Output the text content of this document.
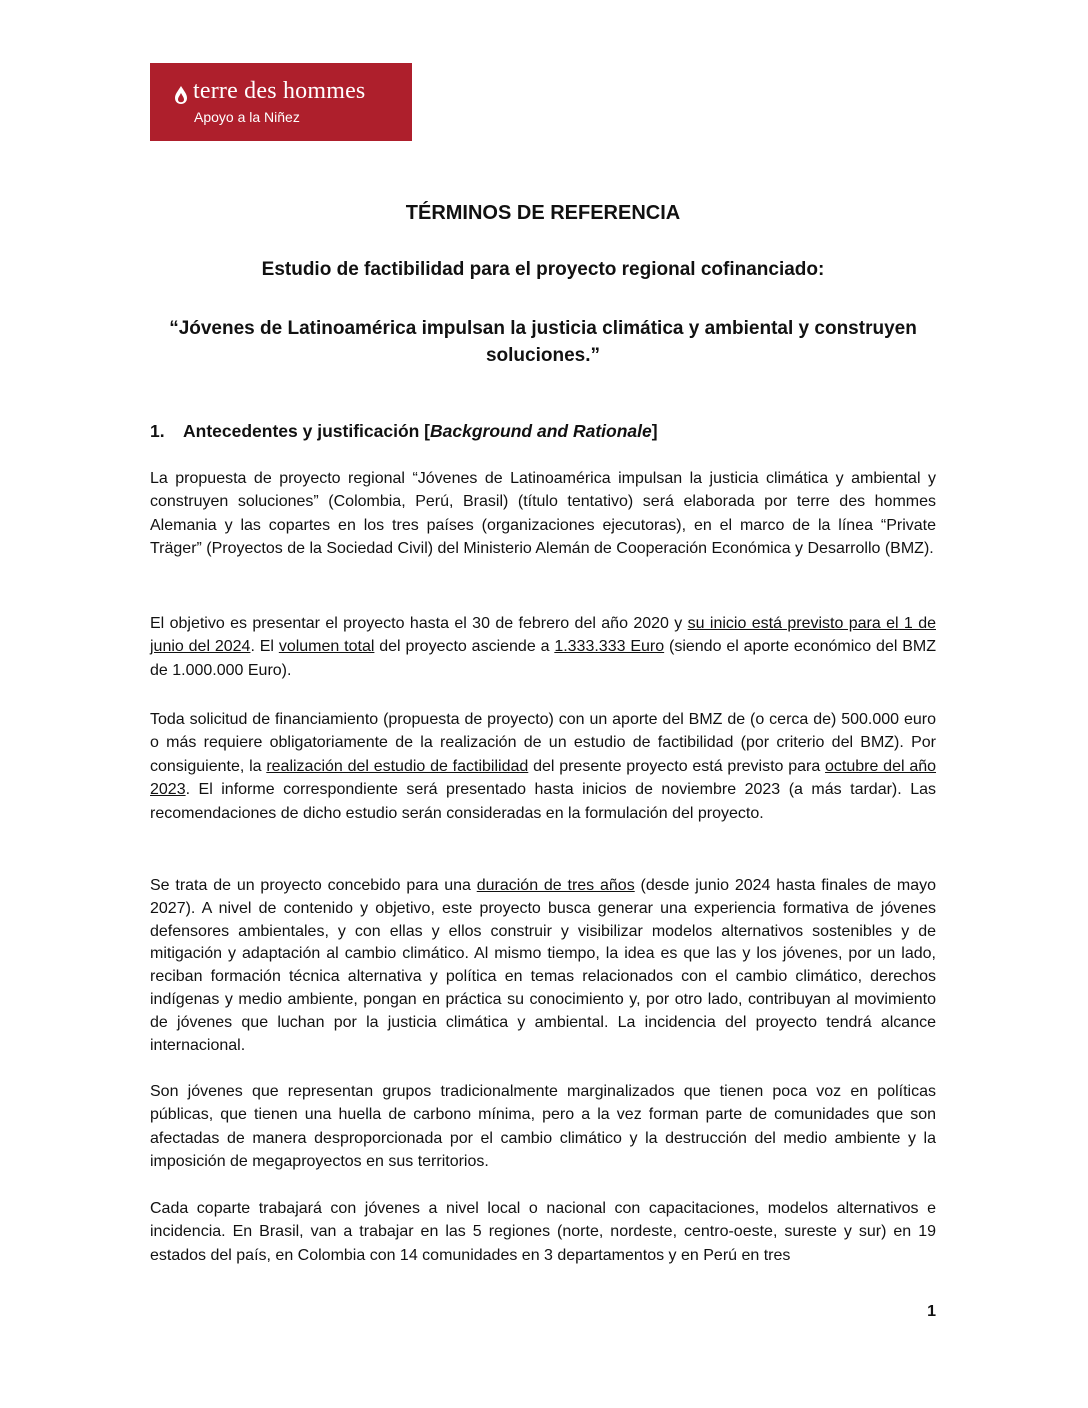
terre des hommes
Apoyo a la Niñez
TÉRMINOS DE REFERENCIA
Estudio de factibilidad para el proyecto regional cofinanciado:
“Jóvenes de Latinoamérica impulsan la justicia climática y ambiental y construyen soluciones.”
1. Antecedentes y justificación [Background and Rationale]

La propuesta de proyecto regional “Jóvenes de Latinoamérica impulsan la justicia climática y ambiental y construyen soluciones” (Colombia, Perú, Brasil) (título tentativo) será elaborada por terre des hommes Alemania y las copartes en los tres países (organizaciones ejecutoras), en el marco de la línea “Private Träger” (Proyectos de la Sociedad Civil) del Ministerio Alemán de Cooperación Económica y Desarrollo (BMZ).

El objetivo es presentar el proyecto hasta el 30 de febrero del año 2020 y su inicio está previsto para el 1 de junio del 2024. El volumen total del proyecto asciende a 1.333.333 Euro (siendo el aporte económico del BMZ de 1.000.000 Euro).

Toda solicitud de financiamiento (propuesta de proyecto) con un aporte del BMZ de (o cerca de) 500.000 euro o más requiere obligatoriamente de la realización de un estudio de factibilidad (por criterio del BMZ). Por consiguiente, la realización del estudio de factibilidad del presente proyecto está previsto para octubre del año 2023. El informe correspondiente será presentado hasta inicios de noviembre 2023 (a más tardar). Las recomendaciones de dicho estudio serán consideradas en la formulación del proyecto.

Se trata de un proyecto concebido para una duración de tres años (desde junio 2024 hasta finales de mayo 2027). A nivel de contenido y objetivo, este proyecto busca generar una experiencia formativa de jóvenes defensores ambientales, y con ellas y ellos construir y visibilizar modelos alternativos sostenibles y de mitigación y adaptación al cambio climático. Al mismo tiempo, la idea es que las y los jóvenes, por un lado, reciban formación técnica alternativa y política en temas relacionados con el cambio climático, derechos indígenas y medio ambiente, pongan en práctica su conocimiento y, por otro lado, contribuyan al movimiento de jóvenes que luchan por la justicia climática y ambiental. La incidencia del proyecto tendrá alcance internacional.

Son jóvenes que representan grupos tradicionalmente marginalizados que tienen poca voz en políticas públicas, que tienen una huella de carbono mínima, pero a la vez forman parte de comunidades que son afectadas de manera desproporcionada por el cambio climático y la destrucción del medio ambiente y la imposición de megaproyectos en sus territorios.

Cada coparte trabajará con jóvenes a nivel local o nacional con capacitaciones, modelos alternativos e incidencia. En Brasil, van a trabajar en las 5 regiones (norte, nordeste, centro-oeste, sureste y sur) en 19 estados del país, en Colombia con 14 comunidades en 3 departamentos y en Perú en tres

1
